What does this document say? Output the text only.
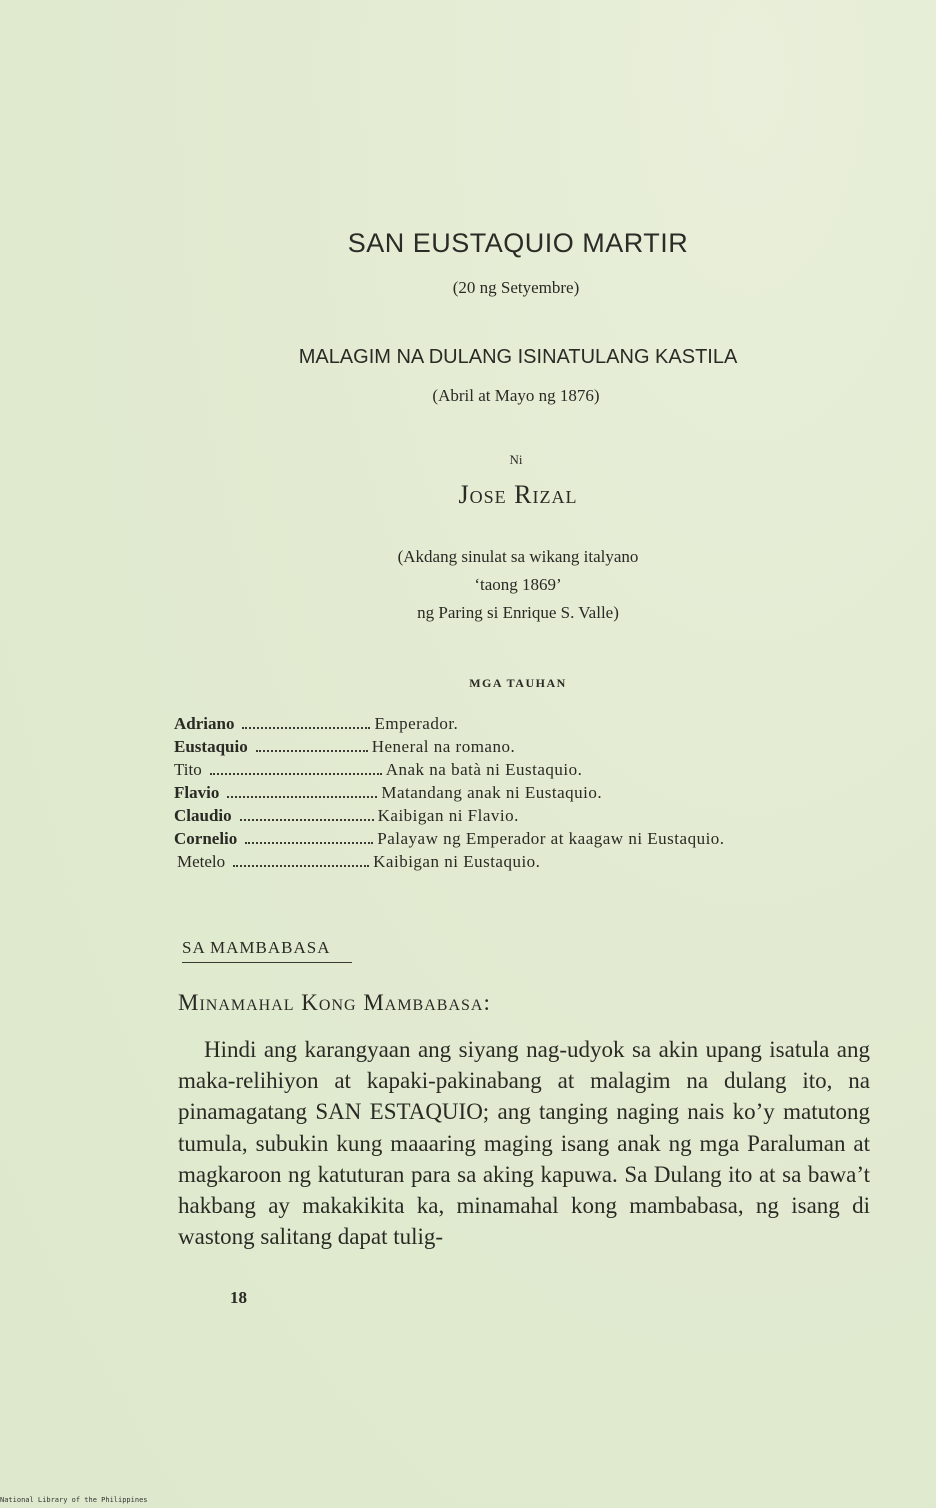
SAN EUSTAQUIO MARTIR
(20 ng Setyembre)
MALAGIM NA DULANG ISINATULANG KASTILA
(Abril at Mayo ng 1876)
Ni
Jose Rizal
(Akdang sinulat sa wikang italyano
‘taong 1869’
ng Paring si Enrique S. Valle)
MGA TAUHAN
Adriano	Emperador.
Eustaquio	Heneral na romano.
Tito	Anak na batà ni Eustaquio.
Flavio	Matandang anak ni Eustaquio.
Claudio	Kaibigan ni Flavio.
Cornelio	Palayaw ng Emperador at kaagaw ni Eustaquio.
Metelo	Kaibigan ni Eustaquio.
SA MAMBABASA
Minamahal Kong Mambabasa:
Hindi ang karangyaan ang siyang nag-udyok sa akin upang isatula ang maka-relihiyon at kapaki-pakinabang at malagim na dulang ito, na pinamagatang SAN ESTAQUIO; ang tanging naging nais ko’y matutong tumula, subukin kung maaaring maging isang anak ng mga Paraluman at magkaroon ng katuturan para sa aking kapuwa. Sa Dulang ito at sa bawa’t hakbang ay makakikita ka, minamahal kong mambabasa, ng isang di wastong salitang dapat tulig-
18
National Library of the Philippines
